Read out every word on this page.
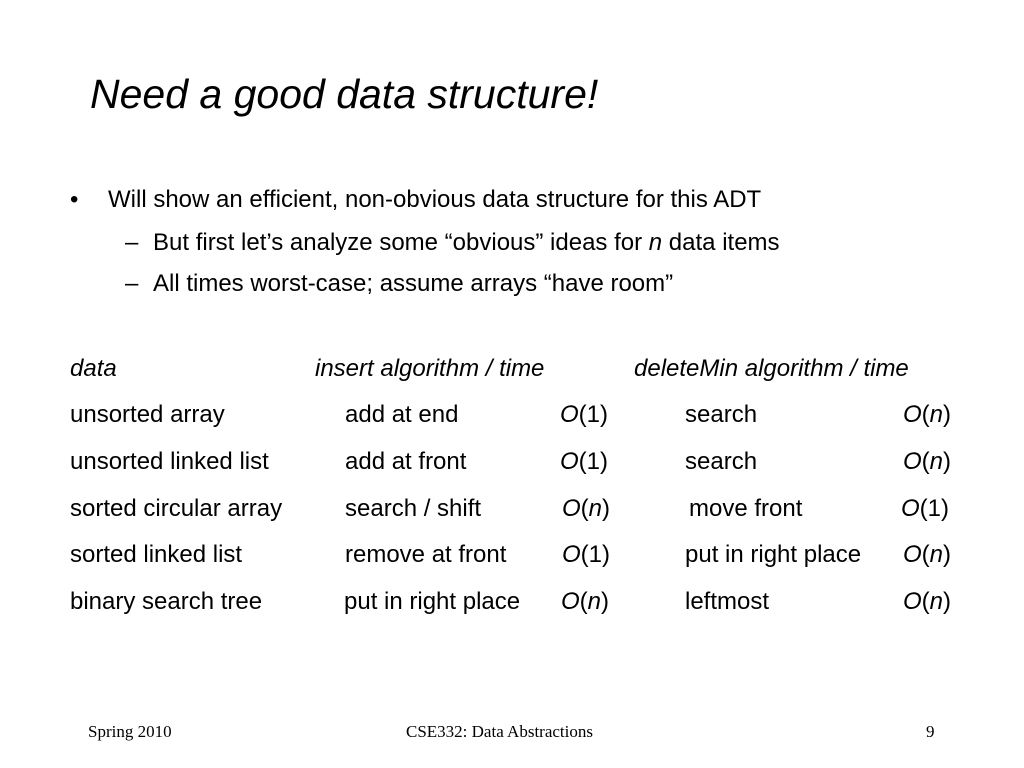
Need a good data structure!
•	Will show an efficient, non-obvious data structure for this ADT
– But first let’s analyze some “obvious” ideas for n data items
– All times worst-case; assume arrays “have room”
data	insert algorithm / time	deleteMin algorithm / time
unsorted array	add at end	O(1)	search	O(n)
unsorted linked list	add at front	O(1)	search	O(n)
sorted circular array	search / shift	O(n)	move front	O(1)
sorted linked list	remove at front O(1)	put in right place O(n)
binary search tree	put in right place O(n)	leftmost	O(n)
Spring 2010	CSE332: Data Abstractions	9
